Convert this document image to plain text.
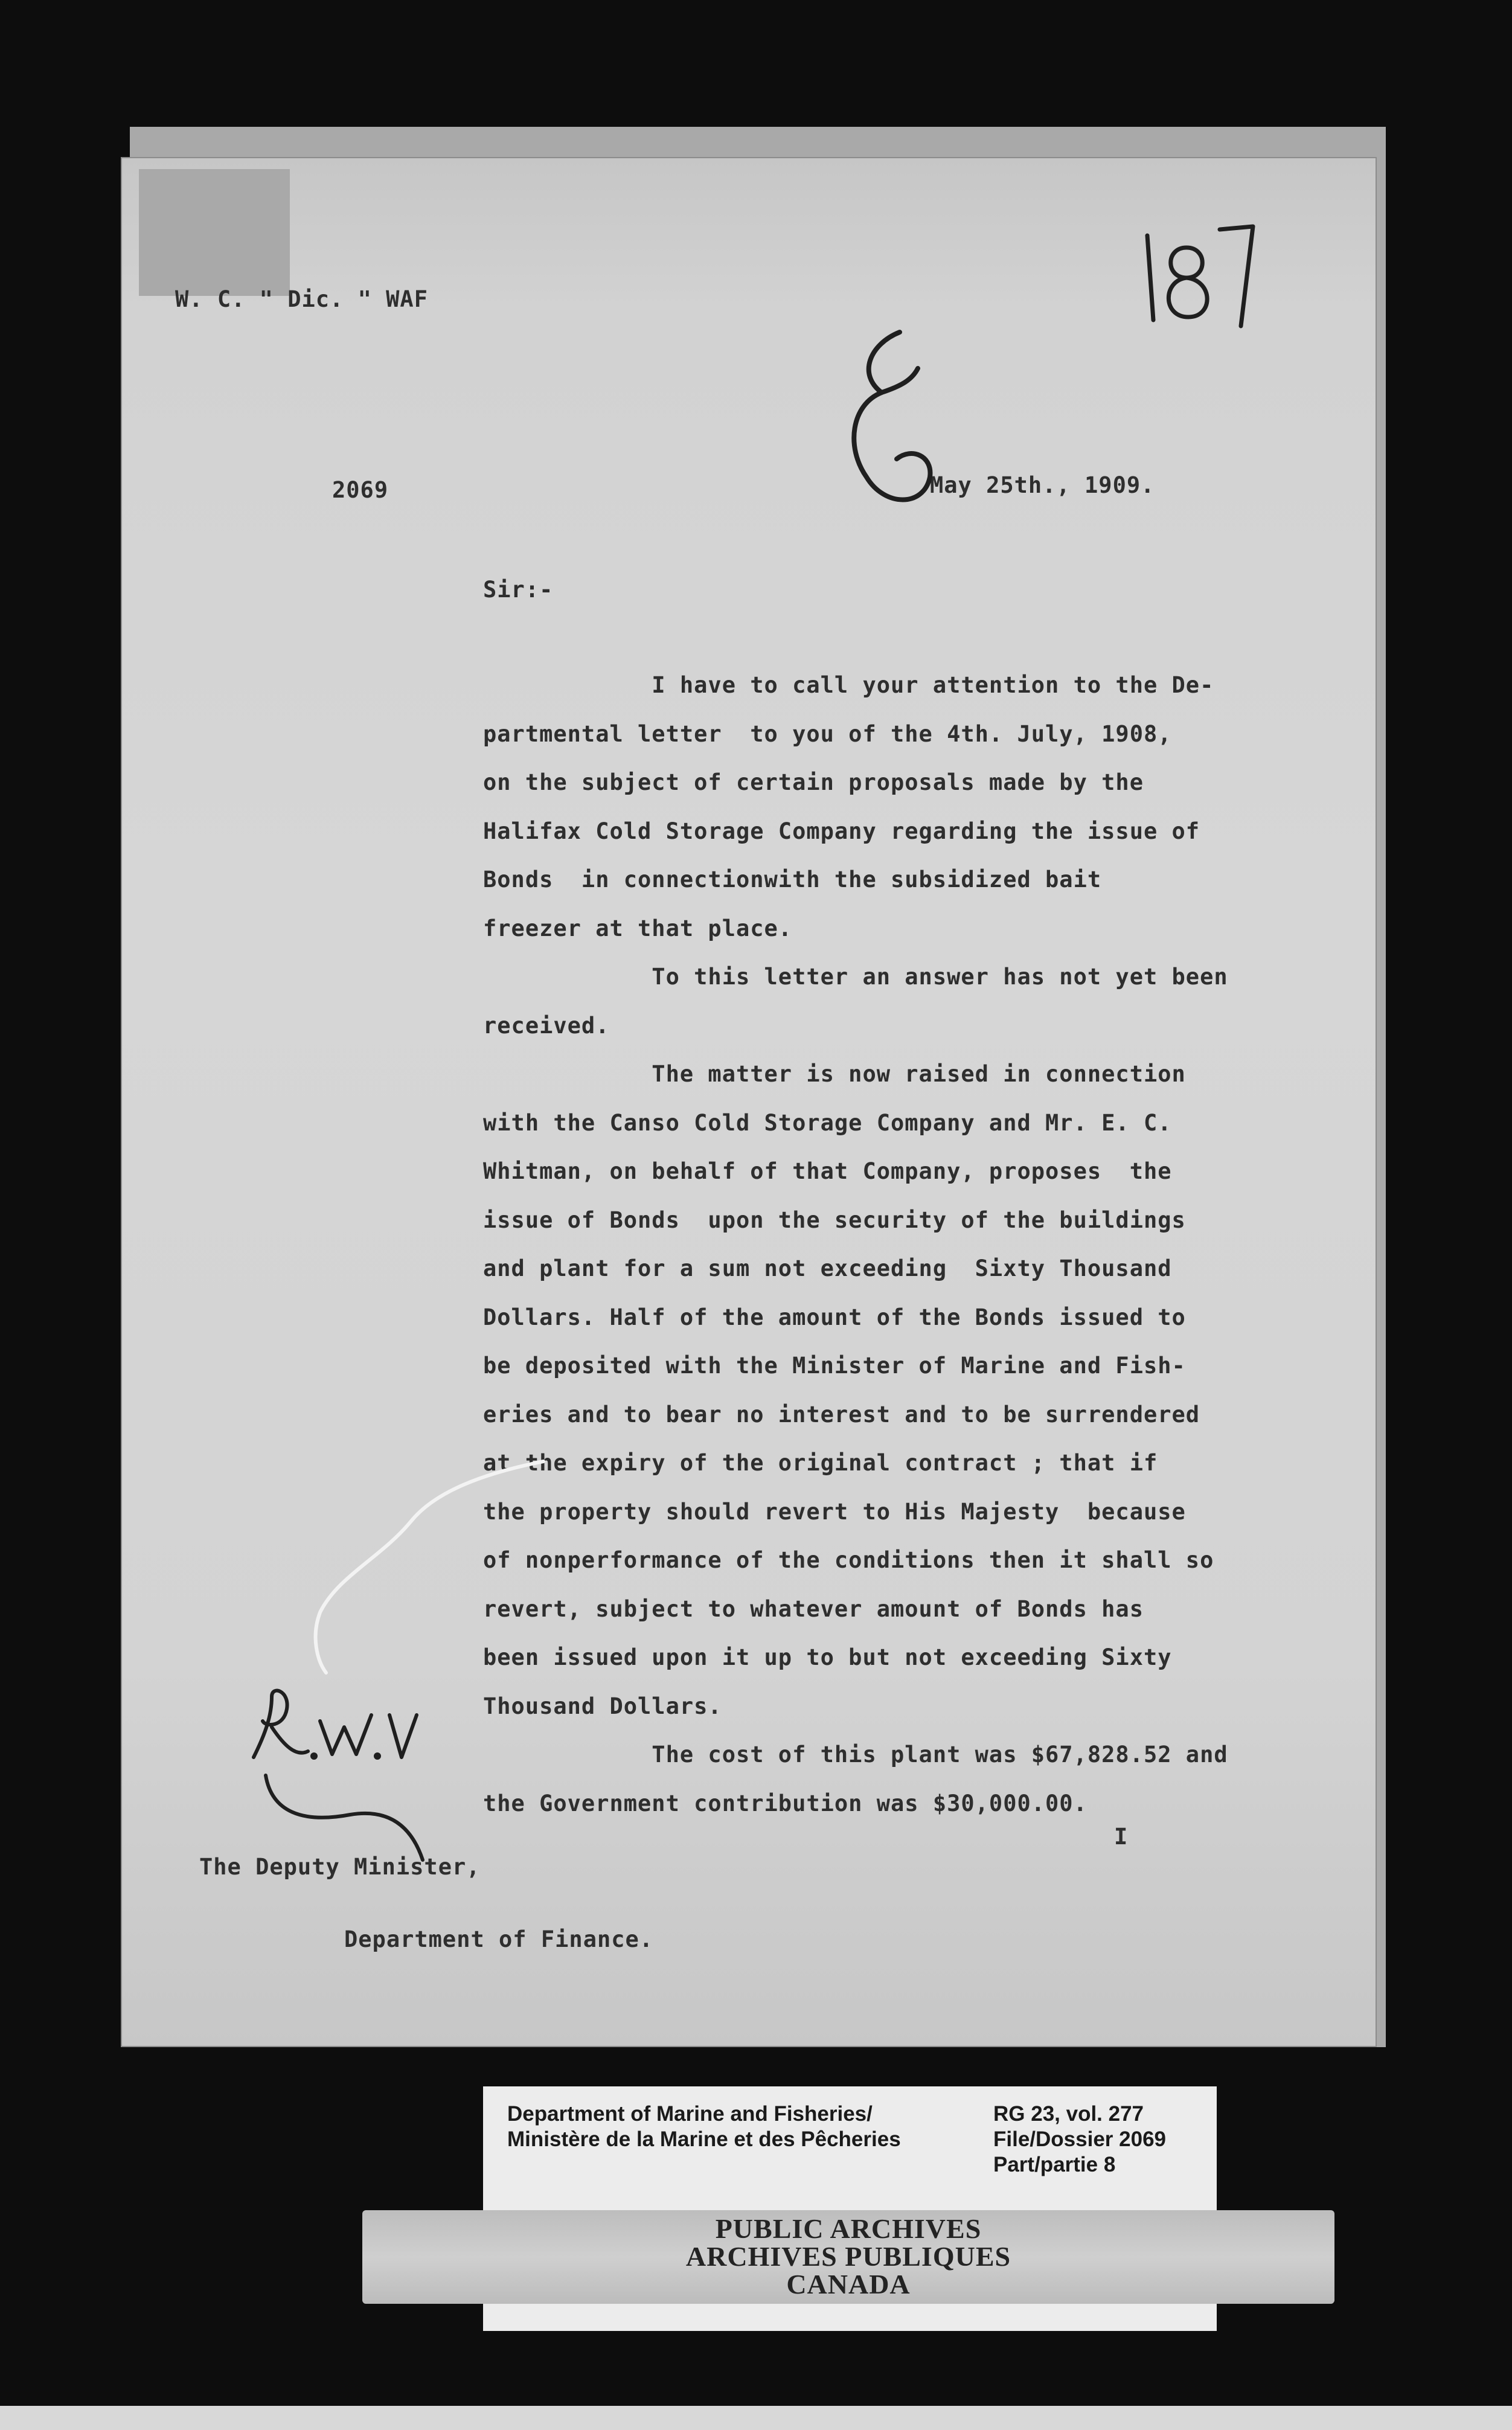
W. C. " Dic. " WAF
2069	May 25th., 1909.
Sir:-
I have to call your attention to the De-
partmental letter  to you of the 4th. July, 1908,
on the subject of certain proposals made by the
Halifax Cold Storage Company regarding the issue of
Bonds  in connectionwith the subsidized bait
freezer at that place.
To this letter an answer has not yet been
received.
The matter is now raised in connection
with the Canso Cold Storage Company and Mr. E. C.
Whitman, on behalf of that Company, proposes  the
issue of Bonds  upon the security of the buildings
and plant for a sum not exceeding  Sixty Thousand
Dollars. Half of the amount of the Bonds issued to
be deposited with the Minister of Marine and Fish-
eries and to bear no interest and to be surrendered
at the expiry of the original contract ; that if
the property should revert to His Majesty  because
of nonperformance of the conditions then it shall so
revert, subject to whatever amount of Bonds has
been issued upon it up to but not exceeding Sixty
Thousand Dollars.
The cost of this plant was $67,828.52 and
the Government contribution was $30,000.00.
I
The Deputy Minister,
Department of Finance.
Department of Marine and Fisheries/
Ministère de la Marine et des Pêcheries
RG 23, vol. 277
File/Dossier 2069
Part/partie 8
PUBLIC ARCHIVES
ARCHIVES PUBLIQUES
CANADA
